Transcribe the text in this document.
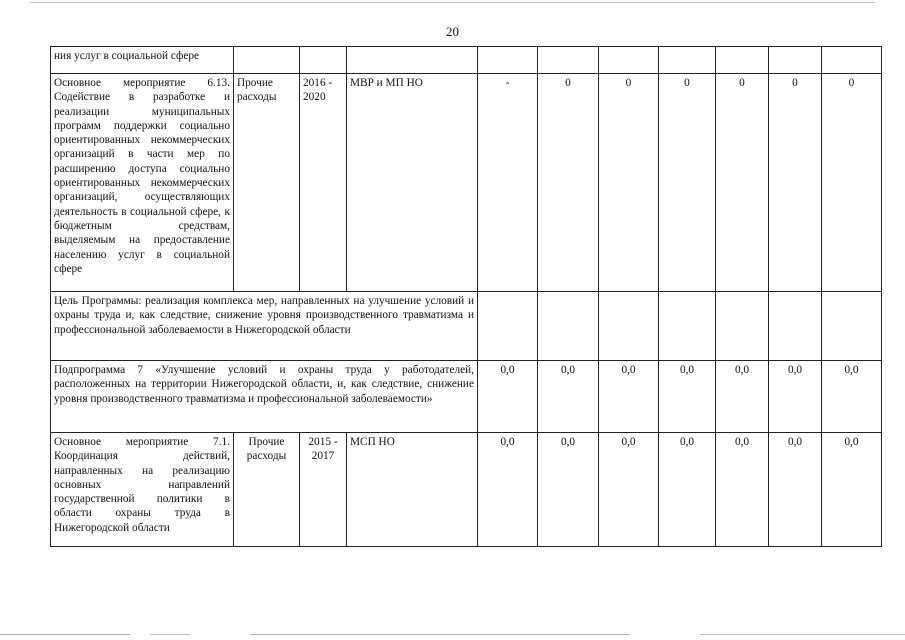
20
ния услуг в социальной сфере										
Основное мероприятие 6.13. Содействие в разработке и реализации муниципальных программ поддержки социально ориентированных некоммерческих организаций в части мер по расширению доступа социально ориентированных некоммерческих организаций, осуществляющих деятельность в социальной сфере, к бюджетным средствам, выделяемым на предоставление населению услуг в социальной сфере	Прочие расходы	2016 - 2020	МВР и МП НО	-	0	0	0	0	0	0
Цель Программы: реализация комплекса мер, направленных на улучшение условий и охраны труда и, как следствие, снижение уровня производственного травматизма и профессиональной заболеваемости в Нижегородской области										
Подпрограмма 7 «Улучшение условий и охраны труда у работодателей, расположенных на территории Нижегородской области, и, как следствие, снижение уровня производственного травматизма и профессиональной заболеваемости»				0,0	0,0	0,0	0,0	0,0	0,0	0,0
Основное мероприятие 7.1. Координация действий, направленных на реализацию основных направлений государственной политики в области охраны труда в Нижегородской области	Прочие расходы	2015 - 2017	МСП НО	0,0	0,0	0,0	0,0	0,0	0,0	0,0
